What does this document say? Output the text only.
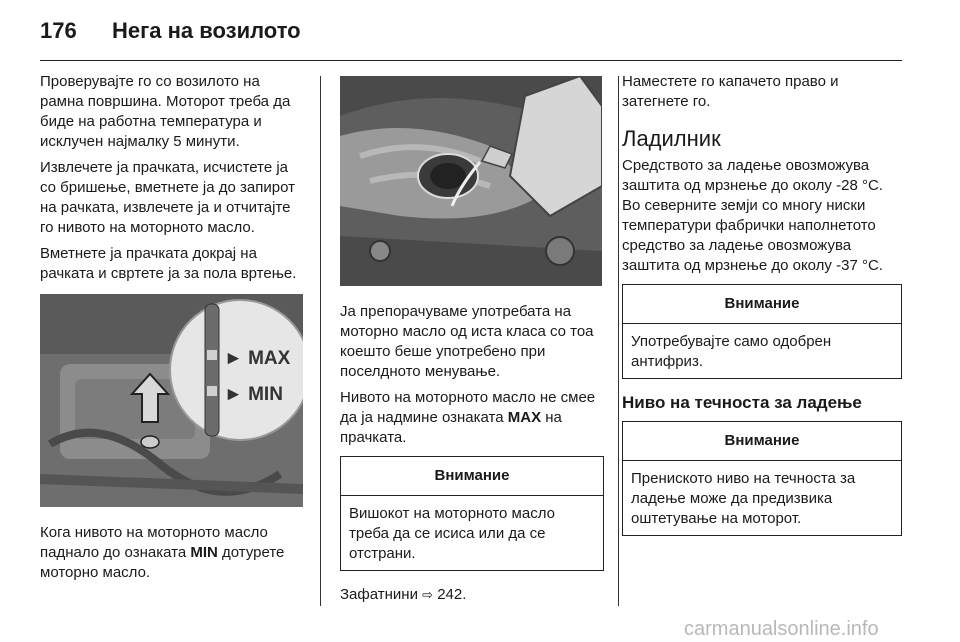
176 Нега на возилото

Проверувајте го со возилото на рамна површина. Моторот треба да биде на работна температура и исклучен најмалку 5 минути.

Извлечете ја прачката, исчистете ја со бришење, вметнете ја до запирот на рачката, извлечете ја и отчитајте го нивото на моторното масло.

Вметнете ја прачката докрај на рачката и свртете ја за пола вртење.

► MAX
► MIN

Кога нивото на моторното масло паднало до ознаката MIN дотурете моторно масло.

Ја препорачуваме употребата на моторно масло од иста класа со тоа коешто беше употребено при поселдното менување.

Нивото на моторното масло не смее да ја надмине ознаката MAX на прачката.

Внимание
Вишокот на моторното масло треба да се исиса или да се отстрани.

Зафатнини ⇨ 242.

Наместете го капачето право и затегнете го.

Ладилник

Средството за ладење овозможува заштита од мрзнење до околу -28 °C. Во северните земји со многу ниски температури фабрички наполнетото средство за ладење овозможува заштита од мрзнење до околу -37 °C.

Внимание
Употребувајте само одобрен антифриз.
Ниво на течноста за ладење
Внимание
Прениското ниво на течноста за ладење може да предизвика оштетување на моторот.
carmanualsonline.info
